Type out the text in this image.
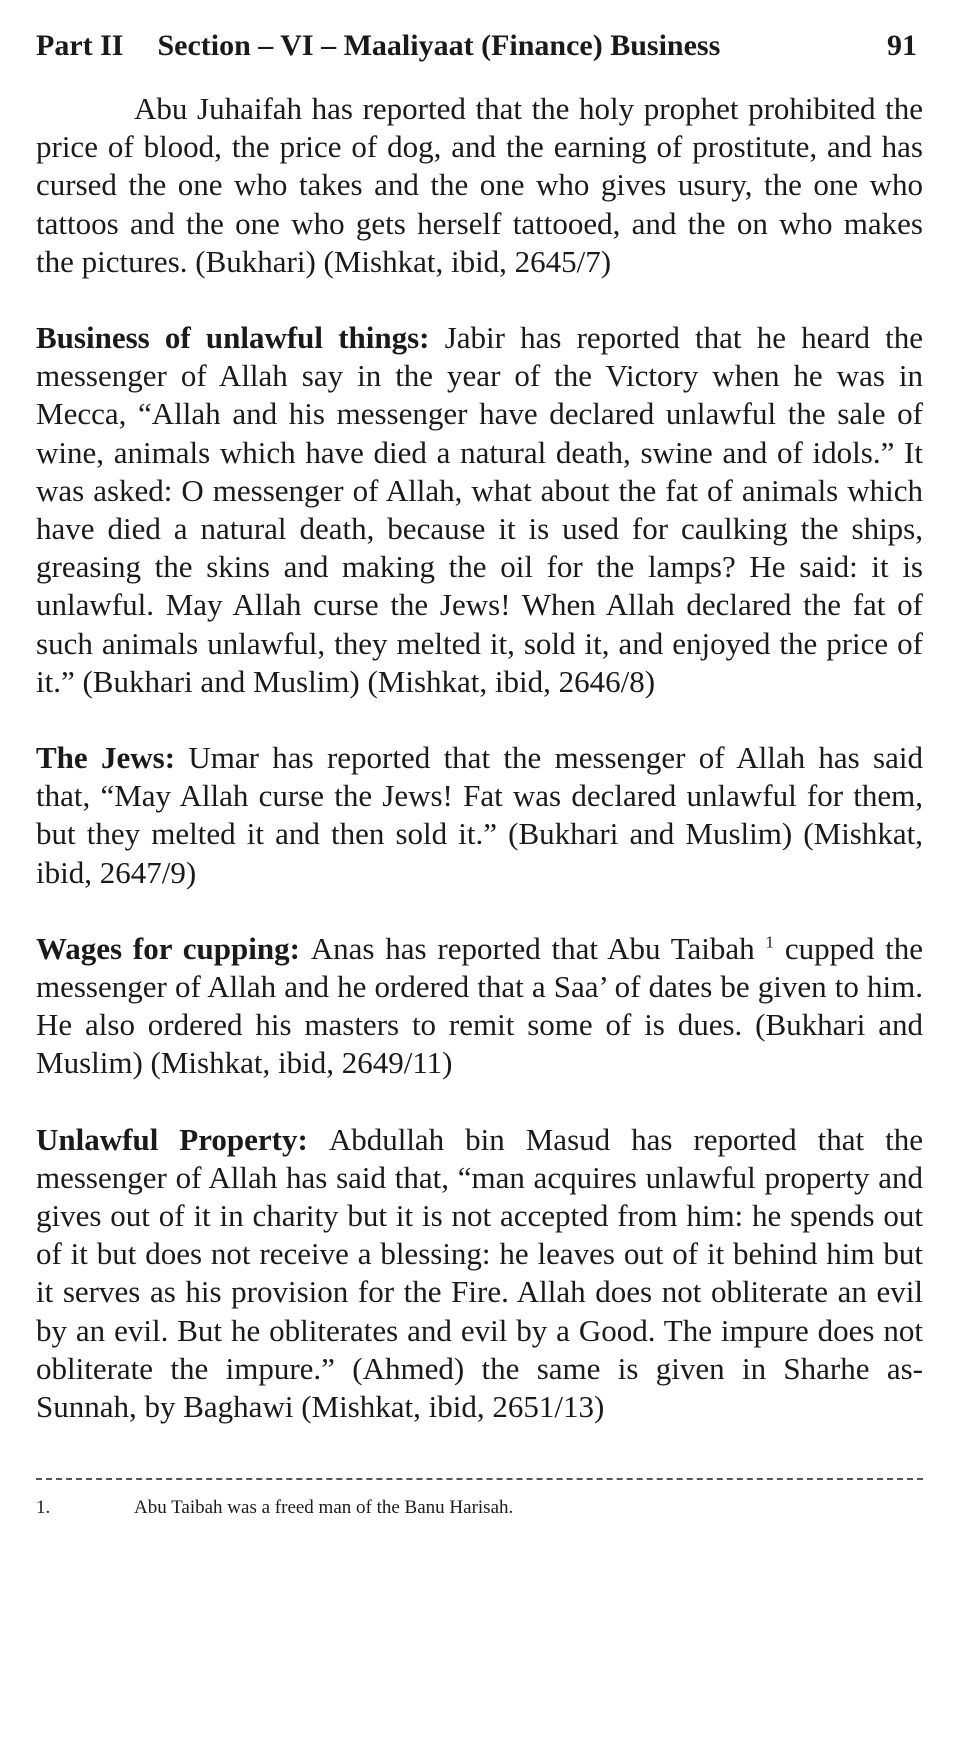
Part II Section – VI – Maaliyaat (Finance) Business	91

Abu Juhaifah has reported that the holy prophet prohibited the price of blood, the price of dog, and the earning of prostitute, and has cursed the one who takes and the one who gives usury, the one who tattoos and the one who gets herself tattooed, and the on who makes the pictures. (Bukhari) (Mishkat, ibid, 2645/7)

Business of unlawful things: Jabir has reported that he heard the messenger of Allah say in the year of the Victory when he was in Mecca, “Allah and his messenger have declared unlawful the sale of wine, animals which have died a natural death, swine and of idols.” It was asked: O messenger of Allah, what about the fat of animals which have died a natural death, because it is used for caulking the ships, greasing the skins and making the oil for the lamps? He said: it is unlawful. May Allah curse the Jews! When Allah declared the fat of such animals unlawful, they melted it, sold it, and enjoyed the price of it.” (Bukhari and Muslim) (Mishkat, ibid, 2646/8)

The Jews: Umar has reported that the messenger of Allah has said that, “May Allah curse the Jews! Fat was declared unlawful for them, but they melted it and then sold it.” (Bukhari and Muslim) (Mishkat, ibid, 2647/9)

Wages for cupping: Anas has reported that Abu Taibah $^1$ cupped the messenger of Allah and he ordered that a Saa’ of dates be given to him. He also ordered his masters to remit some of is dues. (Bukhari and Muslim) (Mishkat, ibid, 2649/11)

Unlawful Property: Abdullah bin Masud has reported that the messenger of Allah has said that, “man acquires unlawful property and gives out of it in charity but it is not accepted from him: he spends out of it but does not receive a blessing: he leaves out of it behind him but it serves as his provision for the Fire. Allah does not obliterate an evil by an evil. But he obliterates and evil by a Good. The impure does not obliterate the impure.” (Ahmed) the same is given in Sharhe as-Sunnah, by Baghawi (Mishkat, ibid, 2651/13)

1.	Abu Taibah was a freed man of the Banu Harisah.
